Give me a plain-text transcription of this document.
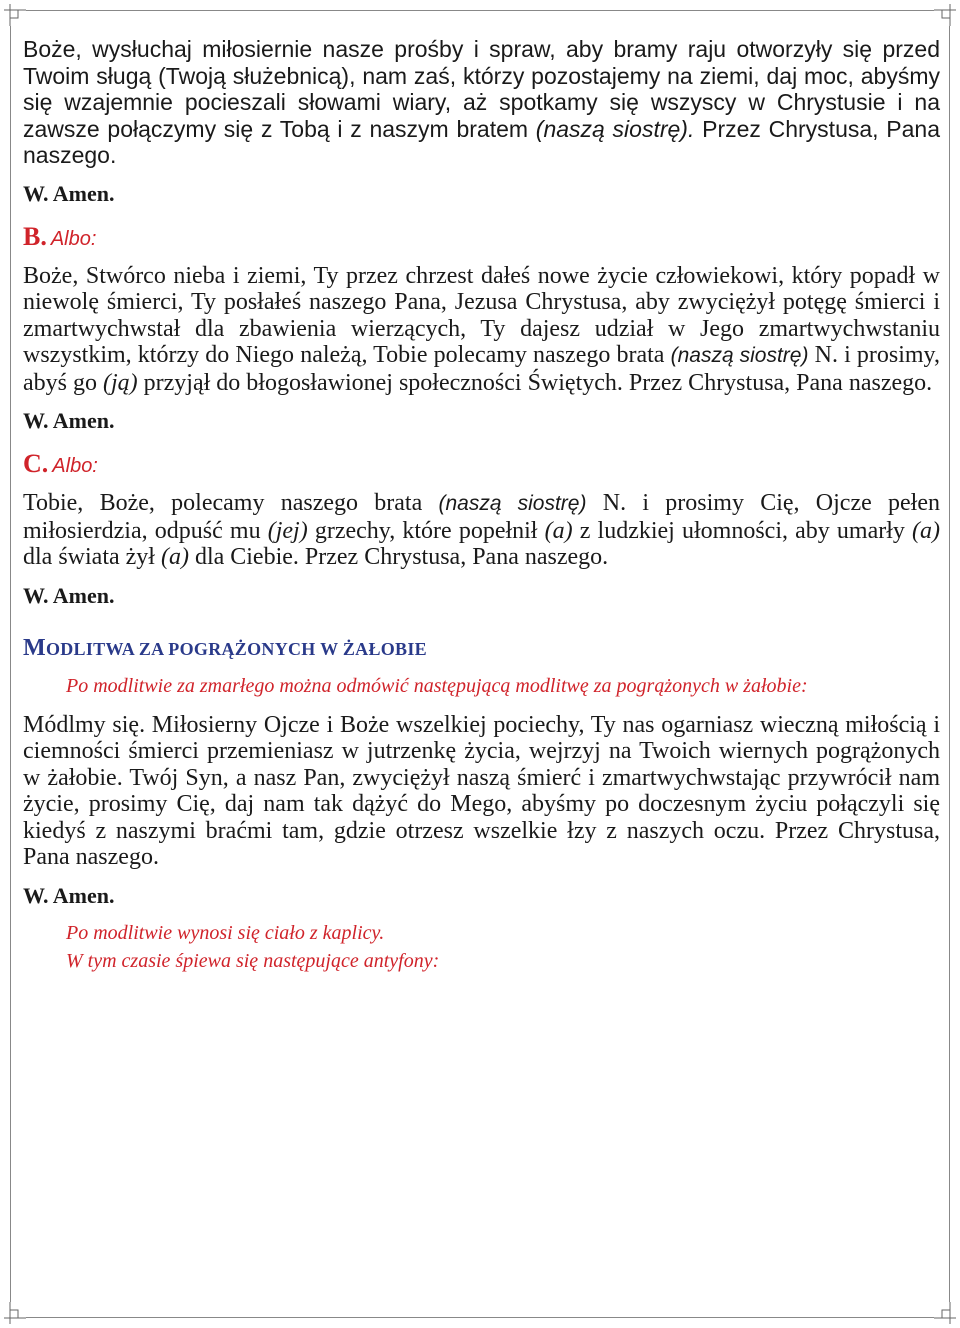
Boże, wysłuchaj miłosiernie nasze prośby i spraw, aby bramy raju otworzyły się przed Twoim sługą (Twoją służebnicą), nam zaś, którzy pozostajemy na ziemi, daj moc, abyśmy się wzajemnie pocieszali słowami wiary, aż spotkamy się wszyscy w Chrystusie i na zawsze połączymy się z Tobą i z naszym bratem (naszą siostrę). Przez Chrystusa, Pana naszego.

W. Amen.

B. Albo:

Boże, Stwórco nieba i ziemi, Ty przez chrzest dałeś nowe życie człowiekowi, który popadł w niewolę śmierci, Ty posłałeś naszego Pana, Jezusa Chrystusa, aby zwyciężył potęgę śmierci i zmartwychwstał dla zbawienia wierzących, Ty dajesz udział w Jego zmartwychwstaniu wszystkim, którzy do Niego należą, Tobie polecamy naszego brata (naszą siostrę) N. i prosimy, abyś go (ją) przyjął do błogosławionej społeczności Świętych. Przez Chrystusa, Pana naszego.

W. Amen.

C. Albo:

Tobie, Boże, polecamy naszego brata (naszą siostrę) N. i prosimy Cię, Ojcze pełen miłosierdzia, odpuść mu (jej) grzechy, które popełnił (a) z ludzkiej ułomności, aby umarły (a) dla świata żył (a) dla Ciebie. Przez Chrystusa, Pana naszego.

W. Amen.

MODLITWA ZA POGRĄŻONYCH W ŻAŁOBIE

Po modlitwie za zmarłego można odmówić następującą modlitwę za pogrążonych w żałobie:

Módlmy się. Miłosierny Ojcze i Boże wszelkiej pociechy, Ty nas ogarniasz wieczną miłością i ciemności śmierci przemieniasz w jutrzenkę życia, wejrzyj na Twoich wiernych pogrążonych w żałobie. Twój Syn, a nasz Pan, zwyciężył naszą śmierć i zmartwychwstając przywrócił nam życie, prosimy Cię, daj nam tak dążyć do Mego, abyśmy po doczesnym życiu połączyli się kiedyś z naszymi braćmi tam, gdzie otrzesz wszelkie łzy z naszych oczu. Przez Chrystusa, Pana naszego.

W. Amen.

Po modlitwie wynosi się ciało z kaplicy.

W tym czasie śpiewa się następujące antyfony:
